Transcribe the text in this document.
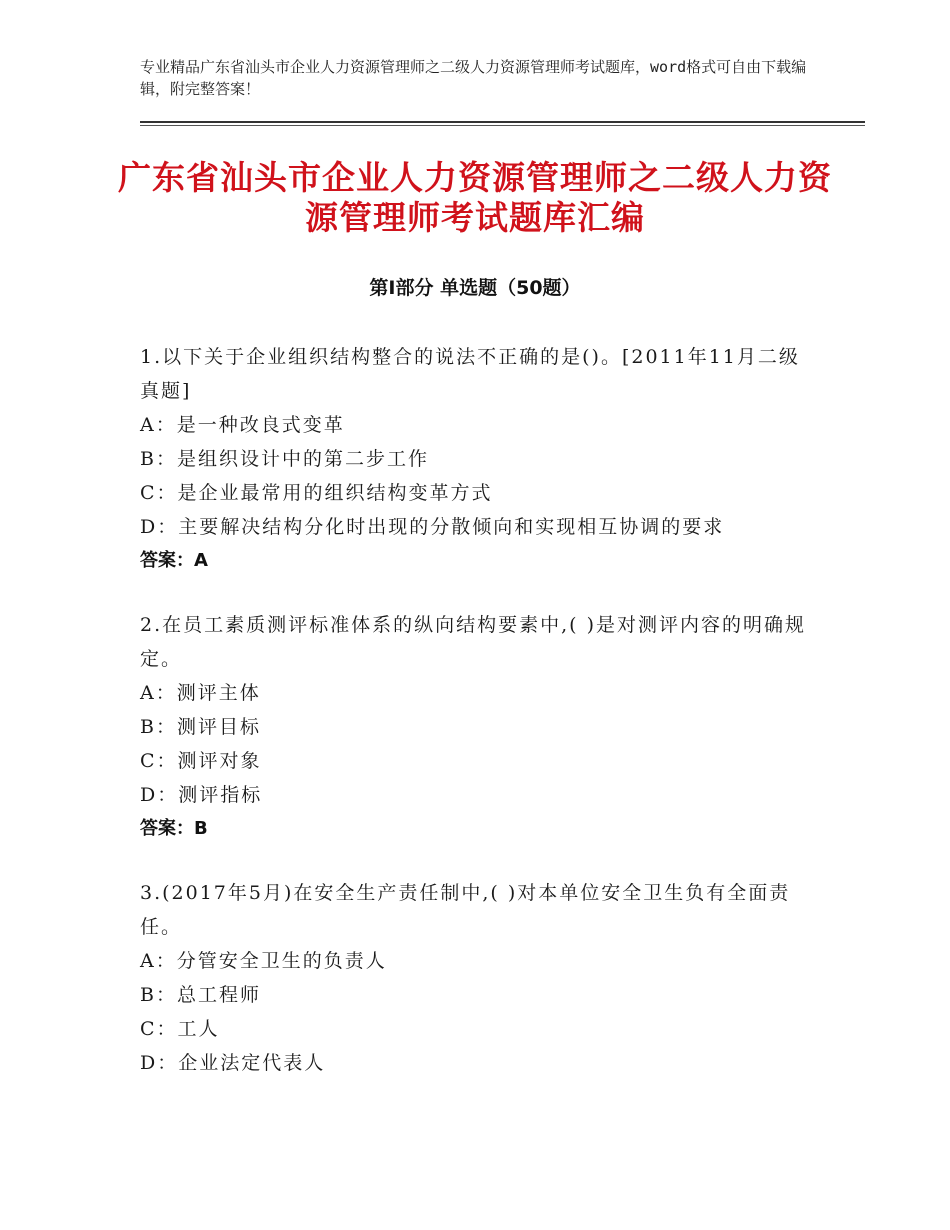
专业精品广东省汕头市企业人力资源管理师之二级人力资源管理师考试题库，word格式可自由下载编辑，附完整答案！
广东省汕头市企业人力资源管理师之二级人力资源管理师考试题库汇编
第Ⅰ部分 单选题（50题）
1.以下关于企业组织结构整合的说法不正确的是()。[2011年11月二级真题]
A：是一种改良式变革
B：是组织设计中的第二步工作
C：是企业最常用的组织结构变革方式
D：主要解决结构分化时出现的分散倾向和实现相互协调的要求
答案：A
2.在员工素质测评标准体系的纵向结构要素中,( )是对测评内容的明确规定。
A：测评主体
B：测评目标
C：测评对象
D：测评指标
答案：B
3.(2017年5月)在安全生产责任制中,( )对本单位安全卫生负有全面责任。
A：分管安全卫生的负责人
B：总工程师
C：工人
D：企业法定代表人
